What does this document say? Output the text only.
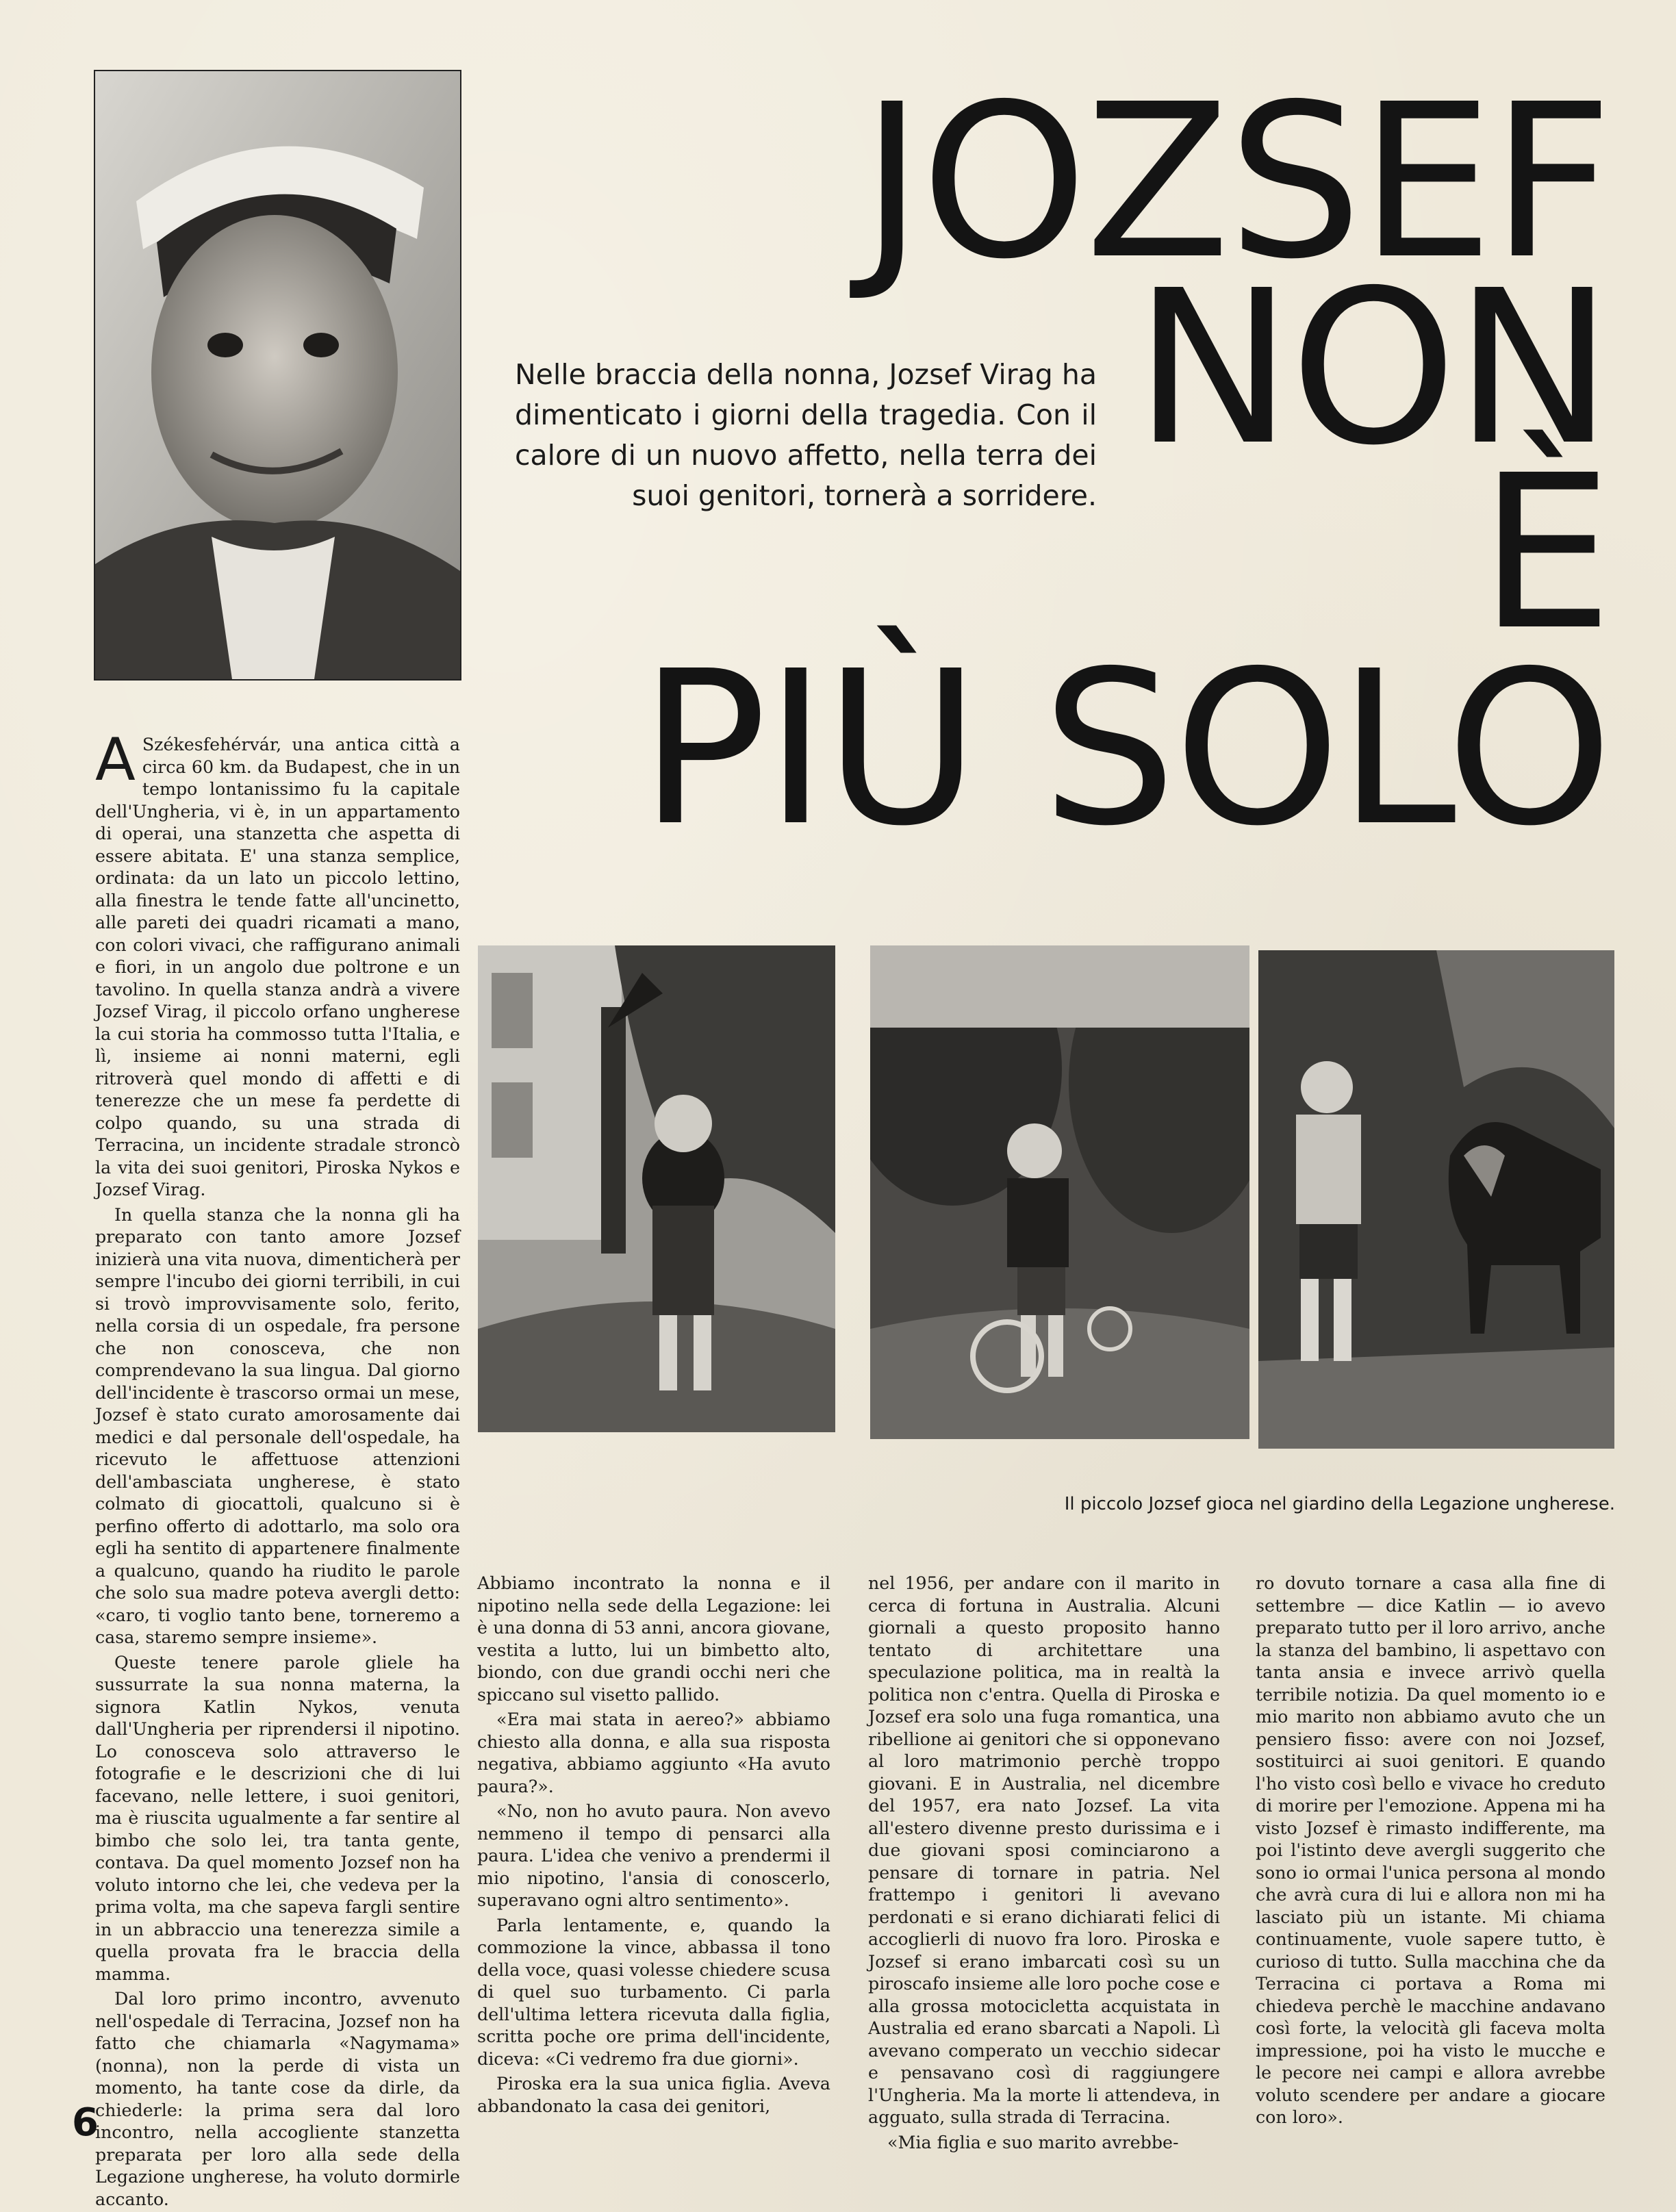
JOZSEF
NON
È
PIÙ SOLO
Nelle braccia della nonna, Jozsef Virag ha dimenticato i giorni della tragedia. Con il calore di un nuovo affetto, nella terra dei suoi genitori, tornerà a sorridere.
Il piccolo Jozsef gioca nel giardino della Legazione ungherese.

A Székesfehérvár, una antica città a circa 60 km. da Budapest, che in un tempo lontanissimo fu la capitale dell'Ungheria, vi è, in un appartamento di operai, una stanzetta che aspetta di essere abitata. E' una stanza semplice, ordinata: da un lato un piccolo lettino, alla finestra le tende fatte all'uncinetto, alle pareti dei quadri ricamati a mano, con colori vivaci, che raffigurano animali e fiori, in un angolo due poltrone e un tavolino. In quella stanza andrà a vivere Jozsef Virag, il piccolo orfano ungherese la cui storia ha commosso tutta l'Italia, e lì, insieme ai nonni materni, egli ritroverà quel mondo di affetti e di tenerezze che un mese fa perdette di colpo quando, su una strada di Terracina, un incidente stradale stroncò la vita dei suoi genitori, Piroska Nykos e Jozsef Virag.

In quella stanza che la nonna gli ha preparato con tanto amore Jozsef inizierà una vita nuova, dimenticherà per sempre l'incubo dei giorni terribili, in cui si trovò improvvisamente solo, ferito, nella corsia di un ospedale, fra persone che non conosceva, che non comprendevano la sua lingua. Dal giorno dell'incidente è trascorso ormai un mese, Jozsef è stato curato amorosamente dai medici e dal personale dell'ospedale, ha ricevuto le affettuose attenzioni dell'ambasciata ungherese, è stato colmato di giocattoli, qualcuno si è perfino offerto di adottarlo, ma solo ora egli ha sentito di appartenere finalmente a qualcuno, quando ha riudito le parole che solo sua madre poteva avergli detto: «caro, ti voglio tanto bene, torneremo a casa, staremo sempre insieme».

Queste tenere parole gliele ha sussurrate la sua nonna materna, la signora Katlin Nykos, venuta dall'Ungheria per riprendersi il nipotino. Lo conosceva solo attraverso le fotografie e le descrizioni che di lui facevano, nelle lettere, i suoi genitori, ma è riuscita ugualmente a far sentire al bimbo che solo lei, tra tanta gente, contava. Da quel momento Jozsef non ha voluto intorno che lei, che vedeva per la prima volta, ma che sapeva fargli sentire in un abbraccio una tenerezza simile a quella provata fra le braccia della mamma.

Dal loro primo incontro, avvenuto nell'ospedale di Terracina, Jozsef non ha fatto che chiamarla «Nagymama» (nonna), non la perde di vista un momento, ha tante cose da dirle, da chiederle: la prima sera dal loro incontro, nella accogliente stanzetta preparata per loro alla sede della Legazione ungherese, ha voluto dormirle accanto.

Abbiamo incontrato la nonna e il nipotino nella sede della Legazione: lei è una donna di 53 anni, ancora giovane, vestita a lutto, lui un bimbetto alto, biondo, con due grandi occhi neri che spiccano sul visetto pallido.

«Era mai stata in aereo?» abbiamo chiesto alla donna, e alla sua risposta negativa, abbiamo aggiunto «Ha avuto paura?».

«No, non ho avuto paura. Non avevo nemmeno il tempo di pensarci alla paura. L'idea che venivo a prendermi il mio nipotino, l'ansia di conoscerlo, superavano ogni altro sentimento».

Parla lentamente, e, quando la commozione la vince, abbassa il tono della voce, quasi volesse chiedere scusa di quel suo turbamento. Ci parla dell'ultima lettera ricevuta dalla figlia, scritta poche ore prima dell'incidente, diceva: «Ci vedremo fra due giorni».

Piroska era la sua unica figlia. Aveva abbandonato la casa dei genitori,

nel 1956, per andare con il marito in cerca di fortuna in Australia. Alcuni giornali a questo proposito hanno tentato di architettare una speculazione politica, ma in realtà la politica non c'entra. Quella di Piroska e Jozsef era solo una fuga romantica, una ribellione ai genitori che si opponevano al loro matrimonio perchè troppo giovani. E in Australia, nel dicembre del 1957, era nato Jozsef. La vita all'estero divenne presto durissima e i due giovani sposi cominciarono a pensare di tornare in patria. Nel frattempo i genitori li avevano perdonati e si erano dichiarati felici di accoglierli di nuovo fra loro. Piroska e Jozsef si erano imbarcati così su un piroscafo insieme alle loro poche cose e alla grossa motocicletta acquistata in Australia ed erano sbarcati a Napoli. Lì avevano comperato un vecchio sidecar e pensavano così di raggiungere l'Ungheria. Ma la morte li attendeva, in agguato, sulla strada di Terracina.

«Mia figlia e suo marito avrebbe-

ro dovuto tornare a casa alla fine di settembre — dice Katlin — io avevo preparato tutto per il loro arrivo, anche la stanza del bambino, li aspettavo con tanta ansia e invece arrivò quella terribile notizia. Da quel momento io e mio marito non abbiamo avuto che un pensiero fisso: avere con noi Jozsef, sostituirci ai suoi genitori. E quando l'ho visto così bello e vivace ho creduto di morire per l'emozione. Appena mi ha visto Jozsef è rimasto indifferente, ma poi l'istinto deve avergli suggerito che sono io ormai l'unica persona al mondo che avrà cura di lui e allora non mi ha lasciato più un istante. Mi chiama continuamente, vuole sapere tutto, è curioso di tutto. Sulla macchina che da Terracina ci portava a Roma mi chiedeva perchè le macchine andavano così forte, la velocità gli faceva molta impressione, poi ha visto le mucche e le pecore nei campi e allora avrebbe voluto scendere per andare a giocare con loro».

6
